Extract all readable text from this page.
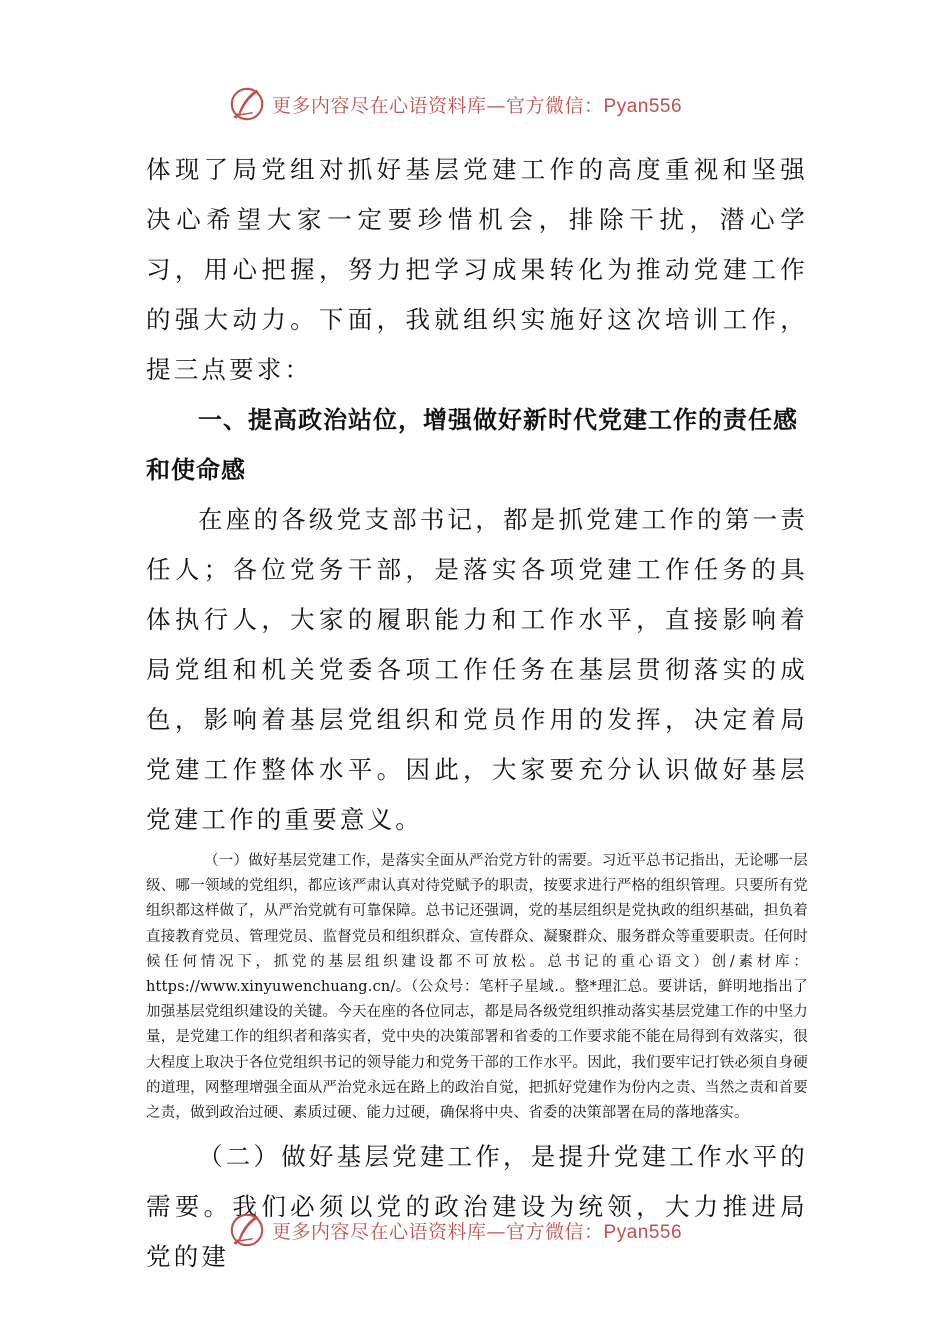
更多内容尽在心语资料库—官方微信：Pyan556

体现了局党组对抓好基层党建工作的高度重视和坚强决心希望大家一定要珍惜机会，排除干扰，潜心学习，用心把握，努力把学习成果转化为推动党建工作的强大动力。下面，我就组织实施好这次培训工作，提三点要求：

一、提高政治站位，增强做好新时代党建工作的责任感和使命感

在座的各级党支部书记，都是抓党建工作的第一责任人；各位党务干部，是落实各项党建工作任务的具体执行人，大家的履职能力和工作水平，直接影响着局党组和机关党委各项工作任务在基层贯彻落实的成色，影响着基层党组织和党员作用的发挥，决定着局党建工作整体水平。因此，大家要充分认识做好基层党建工作的重要意义。

（一）做好基层党建工作，是落实全面从严治党方针的需要。习近平总书记指出，无论哪一层级、哪一领域的党组织，都应该严肃认真对待党赋予的职责，按要求进行严格的组织管理。只要所有党组织都这样做了，从严治党就有可靠保障。总书记还强调，党的基层组织是党执政的组织基础，担负着直接教育党员、管理党员、监督党员和组织群众、宣传群众、凝聚群众、服务群众等重要职责。任何时候任何情况下，抓党的基层组织建设都不可放松。总书记的重心语文）创/素材库：https://www.xinyuwenchuang.cn/。（公众号：笔杆子星域.。整*理汇总。要讲话，鲜明地指出了加强基层党组织建设的关键。今天在座的各位同志，都是局各级党组织推动落实基层党建工作的中坚力量，是党建工作的组织者和落实者，党中央的决策部署和省委的工作要求能不能在局得到有效落实，很大程度上取决于各位党组织书记的领导能力和党务干部的工作水平。因此，我们要牢记打铁必须自身硬的道理，网整理增强全面从严治党永远在路上的政治自觉，把抓好党建作为份内之责、当然之责和首要之责，做到政治过硬、素质过硬、能力过硬，确保将中央、省委的决策部署在局的落地落实。

（二）做好基层党建工作，是提升党建工作水平的需要。我们必须以党的政治建设为统领，大力推进局党的建

更多内容尽在心语资料库—官方微信：Pyan556
